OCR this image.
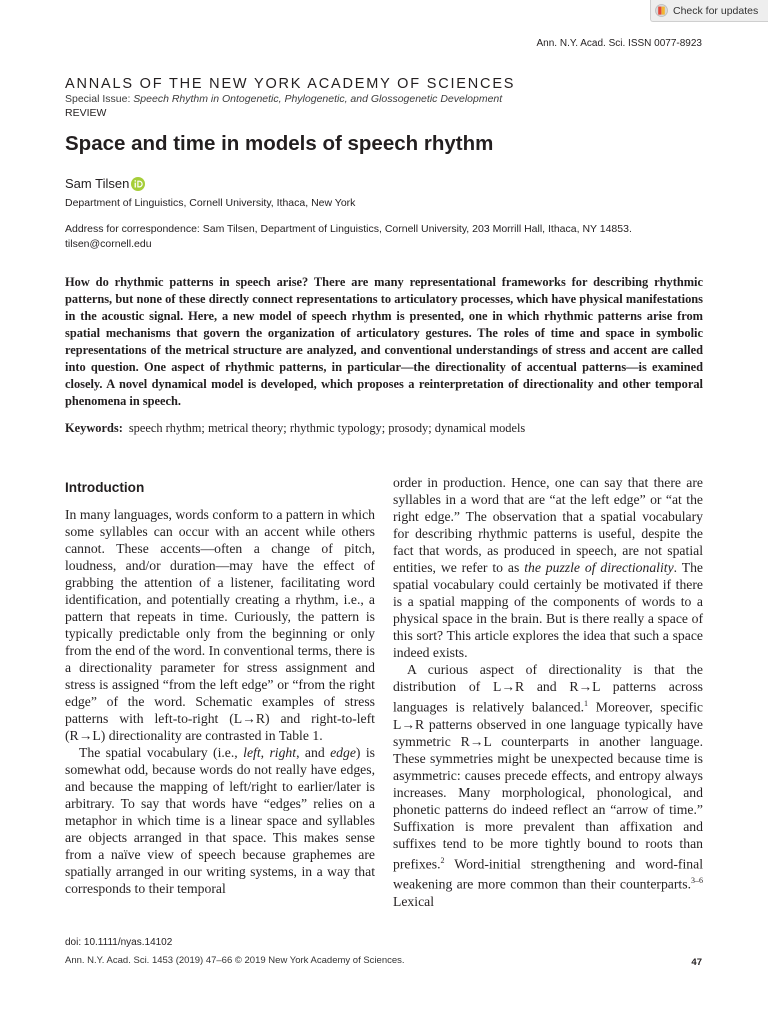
Check for updates
Ann. N.Y. Acad. Sci. ISSN 0077-8923
ANNALS OF THE NEW YORK ACADEMY OF SCIENCES
Special Issue: Speech Rhythm in Ontogenetic, Phylogenetic, and Glossogenetic Development
REVIEW
Space and time in models of speech rhythm
Sam Tilsen
Department of Linguistics, Cornell University, Ithaca, New York
Address for correspondence: Sam Tilsen, Department of Linguistics, Cornell University, 203 Morrill Hall, Ithaca, NY 14853.
tilsen@cornell.edu

How do rhythmic patterns in speech arise? There are many representational frameworks for describing rhythmic patterns, but none of these directly connect representations to articulatory processes, which have physical manifestations in the acoustic signal. Here, a new model of speech rhythm is presented, one in which rhythmic patterns arise from spatial mechanisms that govern the organization of articulatory gestures. The roles of time and space in symbolic representations of the metrical structure are analyzed, and conventional understandings of stress and accent are called into question. One aspect of rhythmic patterns, in particular—the directionality of accentual patterns—is examined closely. A novel dynamical model is developed, which proposes a reinterpretation of directionality and other temporal phenomena in speech.

Keywords: speech rhythm; metrical theory; rhythmic typology; prosody; dynamical models
Introduction

In many languages, words conform to a pattern in which some syllables can occur with an accent while others cannot. These accents—often a change of pitch, loudness, and/or duration—may have the effect of grabbing the attention of a listener, facilitating word identification, and potentially creating a rhythm, i.e., a pattern that repeats in time. Curiously, the pattern is typically predictable only from the beginning or only from the end of the word. In conventional terms, there is a directionality parameter for stress assignment and stress is assigned “from the left edge” or “from the right edge” of the word. Schematic examples of stress patterns with left-to-right (L→R) and right-to-left (R→L) directionality are contrasted in Table 1.

The spatial vocabulary (i.e., left, right, and edge) is somewhat odd, because words do not really have edges, and because the mapping of left/right to earlier/later is arbitrary. To say that words have “edges” relies on a metaphor in which time is a linear space and syllables are objects arranged in that space. This makes sense from a naïve view of speech because graphemes are spatially arranged in our writing systems, in a way that corresponds to their temporal

order in production. Hence, one can say that there are syllables in a word that are “at the left edge” or “at the right edge.” The observation that a spatial vocabulary for describing rhythmic patterns is useful, despite the fact that words, as produced in speech, are not spatial entities, we refer to as the puzzle of directionality. The spatial vocabulary could certainly be motivated if there is a spatial mapping of the components of words to a physical space in the brain. But is there really a space of this sort? This article explores the idea that such a space indeed exists.

A curious aspect of directionality is that the distribution of L→R and R→L patterns across languages is relatively balanced.$^1$ Moreover, specific L→R patterns observed in one language typically have symmetric R→L counterparts in another language. These symmetries might be unexpected because time is asymmetric: causes precede effects, and entropy always increases. Many morphological, phonological, and phonetic patterns do indeed reflect an “arrow of time.” Suffixation is more prevalent than affixation and suffixes tend to be more tightly bound to roots than prefixes.$^2$ Word-initial strengthening and word-final weakening are more common than their counterparts.$^{3-6}$ Lexical

doi: 10.1111/nyas.14102
Ann. N.Y. Acad. Sci. 1453 (2019) 47–66 © 2019 New York Academy of Sciences.	47
